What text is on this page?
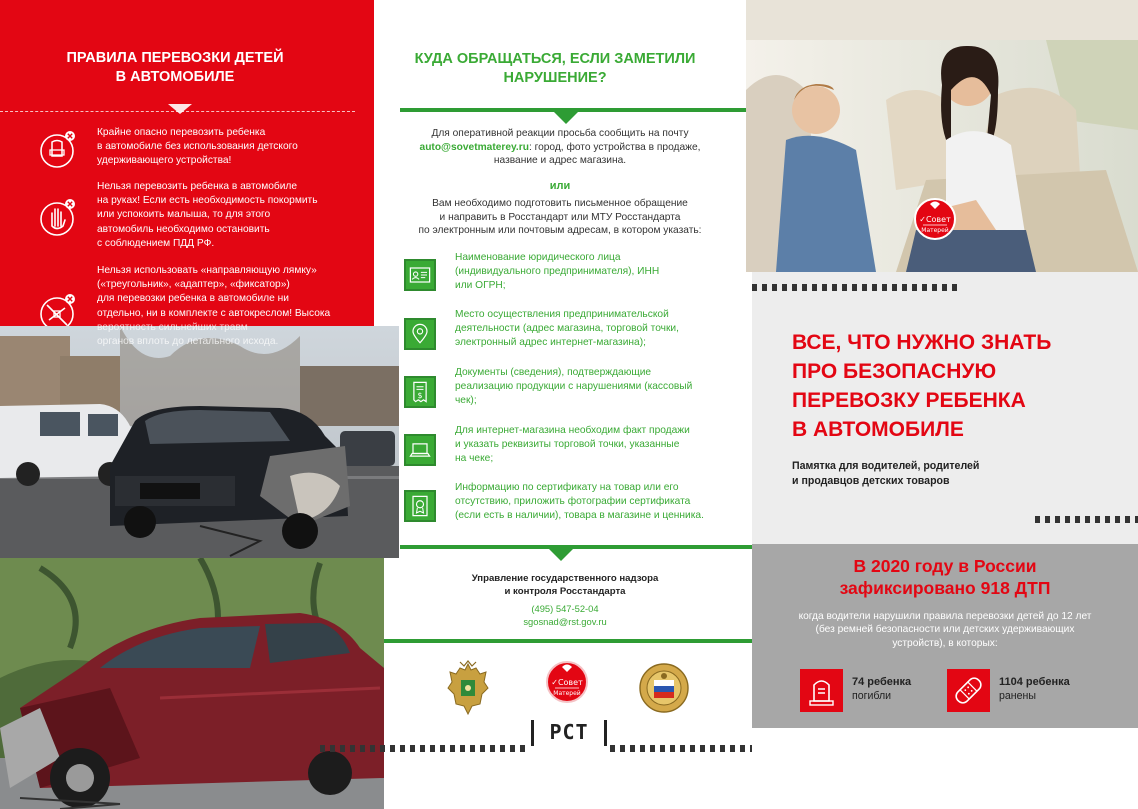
ПРАВИЛА ПЕРЕВОЗКИ ДЕТЕЙ
В АВТОМОБИЛЕ
Крайне опасно перевозить ребенка
в автомобиле без использования детского
удерживающего устройства!
Нельзя перевозить ребенка в автомобиле
на руках! Если есть необходимость покормить
или успокоить малыша, то для этого
автомобиль необходимо остановить
с соблюдением ПДД РФ.
Нельзя использовать «направляющую лямку»
(«треугольник», «адаптер», «фиксатор»)
для перевозки ребенка в автомобиле ни
отдельно, ни в комплекте с автокреслом! Высока
вероятность сильнейших травм
органов вплоть до летального исхода.
КУДА ОБРАЩАТЬСЯ, ЕСЛИ ЗАМЕТИЛИ
НАРУШЕНИЕ?
Для оперативной реакции просьба сообщить на почту
auto@sovetmaterey.ru: город, фото устройства в продаже,
название и адрес магазина.
или
Вам необходимо подготовить письменное обращение
и направить в Росстандарт или МТУ Росстандарта
по электронным или почтовым адресам, в котором указать:
Наименование юридического лица
(индивидуального предпринимателя), ИНН
или ОГРН;
Место осуществления предпринимательской
деятельности (адрес магазина, торговой точки,
электронный адрес интернет-магазина);
$
Документы (сведения), подтверждающие
реализацию продукции с нарушениями (кассовый
чек);
Для интернет-магазина необходим факт продажи
и указать реквизиты торговой точки, указанные
на чеке;
Информацию по сертификату на товар или его
отсутствию, приложить фотографии сертификата
(если есть в наличии), товара в магазине и ценника.
Управление государственного надзора
и контроля Росстандарта
(495) 547-52-04
sgosnad@rst.gov.ru
✓Совет
Матерей
РСТ
✓Совет
Матерей
ВСЕ, ЧТО НУЖНО ЗНАТЬ
ПРО БЕЗОПАСНУЮ
ПЕРЕВОЗКУ РЕБЕНКА
В АВТОМОБИЛЕ
Памятка для водителей, родителей
и продавцов детских товаров
В 2020 году в России
зафиксировано 918 ДТП
когда водители нарушили правила перевозки детей до 12 лет
(без ремней безопасности или детских удерживающих
устройств), в которых:
74 ребенка
погибли
1104 ребенка
ранены
